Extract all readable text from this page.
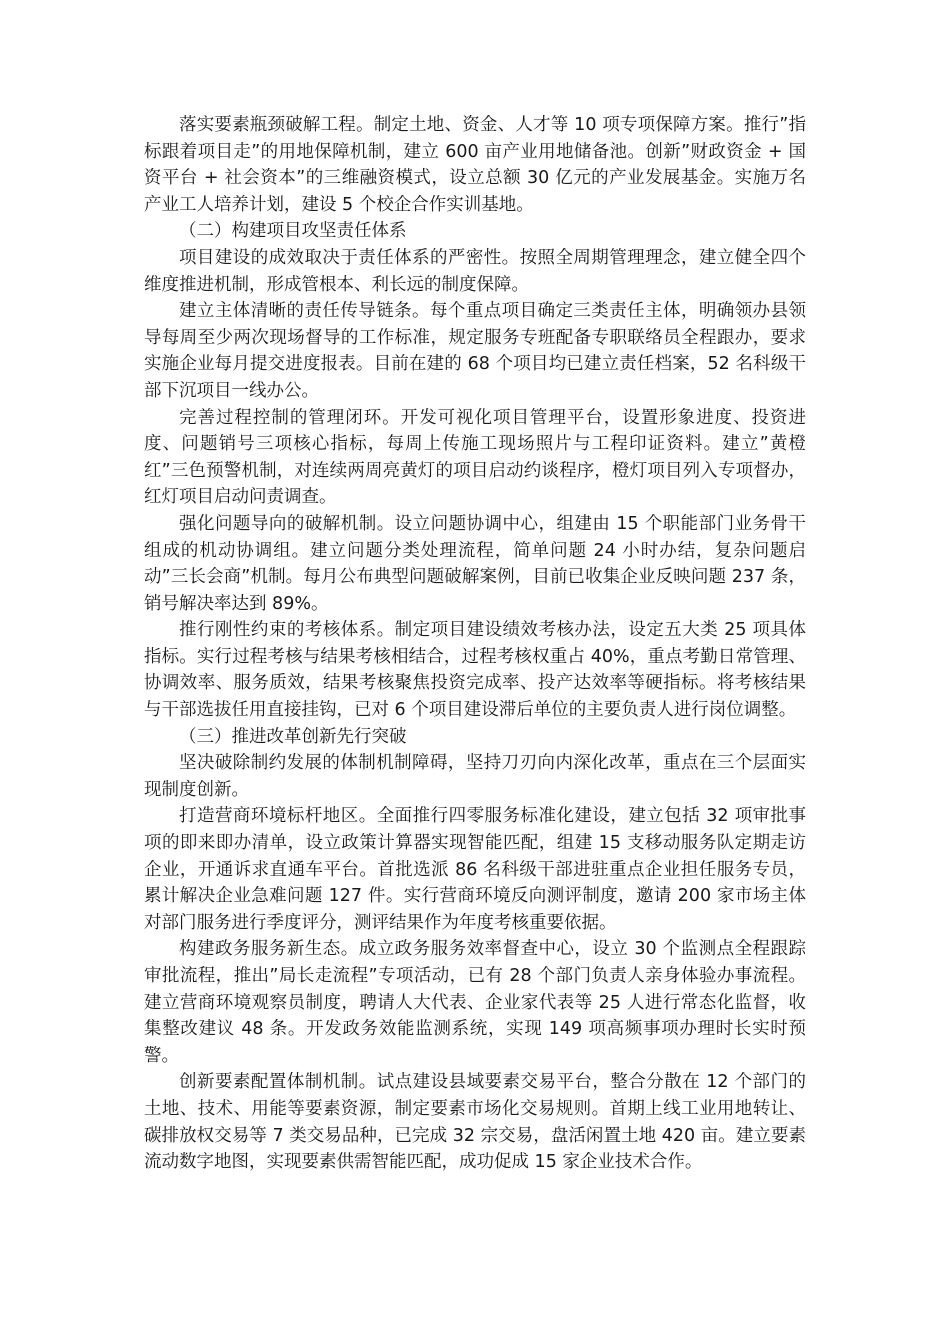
落实要素瓶颈破解工程。制定土地、资金、人才等 10 项专项保障方案。推行”指标跟着项目走”的用地保障机制，建立 600 亩产业用地储备池。创新”财政资金 + 国资平台 + 社会资本”的三维融资模式，设立总额 30 亿元的产业发展基金。实施万名产业工人培养计划，建设 5 个校企合作实训基地。

（二）构建项目攻坚责任体系

项目建设的成效取决于责任体系的严密性。按照全周期管理理念，建立健全四个维度推进机制，形成管根本、利长远的制度保障。

建立主体清晰的责任传导链条。每个重点项目确定三类责任主体，明确领办县领导每周至少两次现场督导的工作标准，规定服务专班配备专职联络员全程跟办，要求实施企业每月提交进度报表。目前在建的 68 个项目均已建立责任档案，52 名科级干部下沉项目一线办公。

完善过程控制的管理闭环。开发可视化项目管理平台，设置形象进度、投资进度、问题销号三项核心指标，每周上传施工现场照片与工程印证资料。建立”黄橙红”三色预警机制，对连续两周亮黄灯的项目启动约谈程序，橙灯项目列入专项督办，红灯项目启动问责调查。

强化问题导向的破解机制。设立问题协调中心，组建由 15 个职能部门业务骨干组成的机动协调组。建立问题分类处理流程，简单问题 24 小时办结，复杂问题启动”三长会商”机制。每月公布典型问题破解案例，目前已收集企业反映问题 237 条，销号解决率达到 89%。

推行刚性约束的考核体系。制定项目建设绩效考核办法，设定五大类 25 项具体指标。实行过程考核与结果考核相结合，过程考核权重占 40%，重点考勤日常管理、协调效率、服务质效，结果考核聚焦投资完成率、投产达效率等硬指标。将考核结果与干部选拔任用直接挂钩，已对 6 个项目建设滞后单位的主要负责人进行岗位调整。

（三）推进改革创新先行突破

坚决破除制约发展的体制机制障碍，坚持刀刃向内深化改革，重点在三个层面实现制度创新。

打造营商环境标杆地区。全面推行四零服务标准化建设，建立包括 32 项审批事项的即来即办清单，设立政策计算器实现智能匹配，组建 15 支移动服务队定期走访企业，开通诉求直通车平台。首批选派 86 名科级干部进驻重点企业担任服务专员，累计解决企业急难问题 127 件。实行营商环境反向测评制度，邀请 200 家市场主体对部门服务进行季度评分，测评结果作为年度考核重要依据。

构建政务服务新生态。成立政务服务效率督查中心，设立 30 个监测点全程跟踪审批流程，推出”局长走流程”专项活动，已有 28 个部门负责人亲身体验办事流程。建立营商环境观察员制度，聘请人大代表、企业家代表等 25 人进行常态化监督，收集整改建议 48 条。开发政务效能监测系统，实现 149 项高频事项办理时长实时预警。

创新要素配置体制机制。试点建设县域要素交易平台，整合分散在 12 个部门的土地、技术、用能等要素资源，制定要素市场化交易规则。首期上线工业用地转让、碳排放权交易等 7 类交易品种，已完成 32 宗交易，盘活闲置土地 420 亩。建立要素流动数字地图，实现要素供需智能匹配，成功促成 15 家企业技术合作。
